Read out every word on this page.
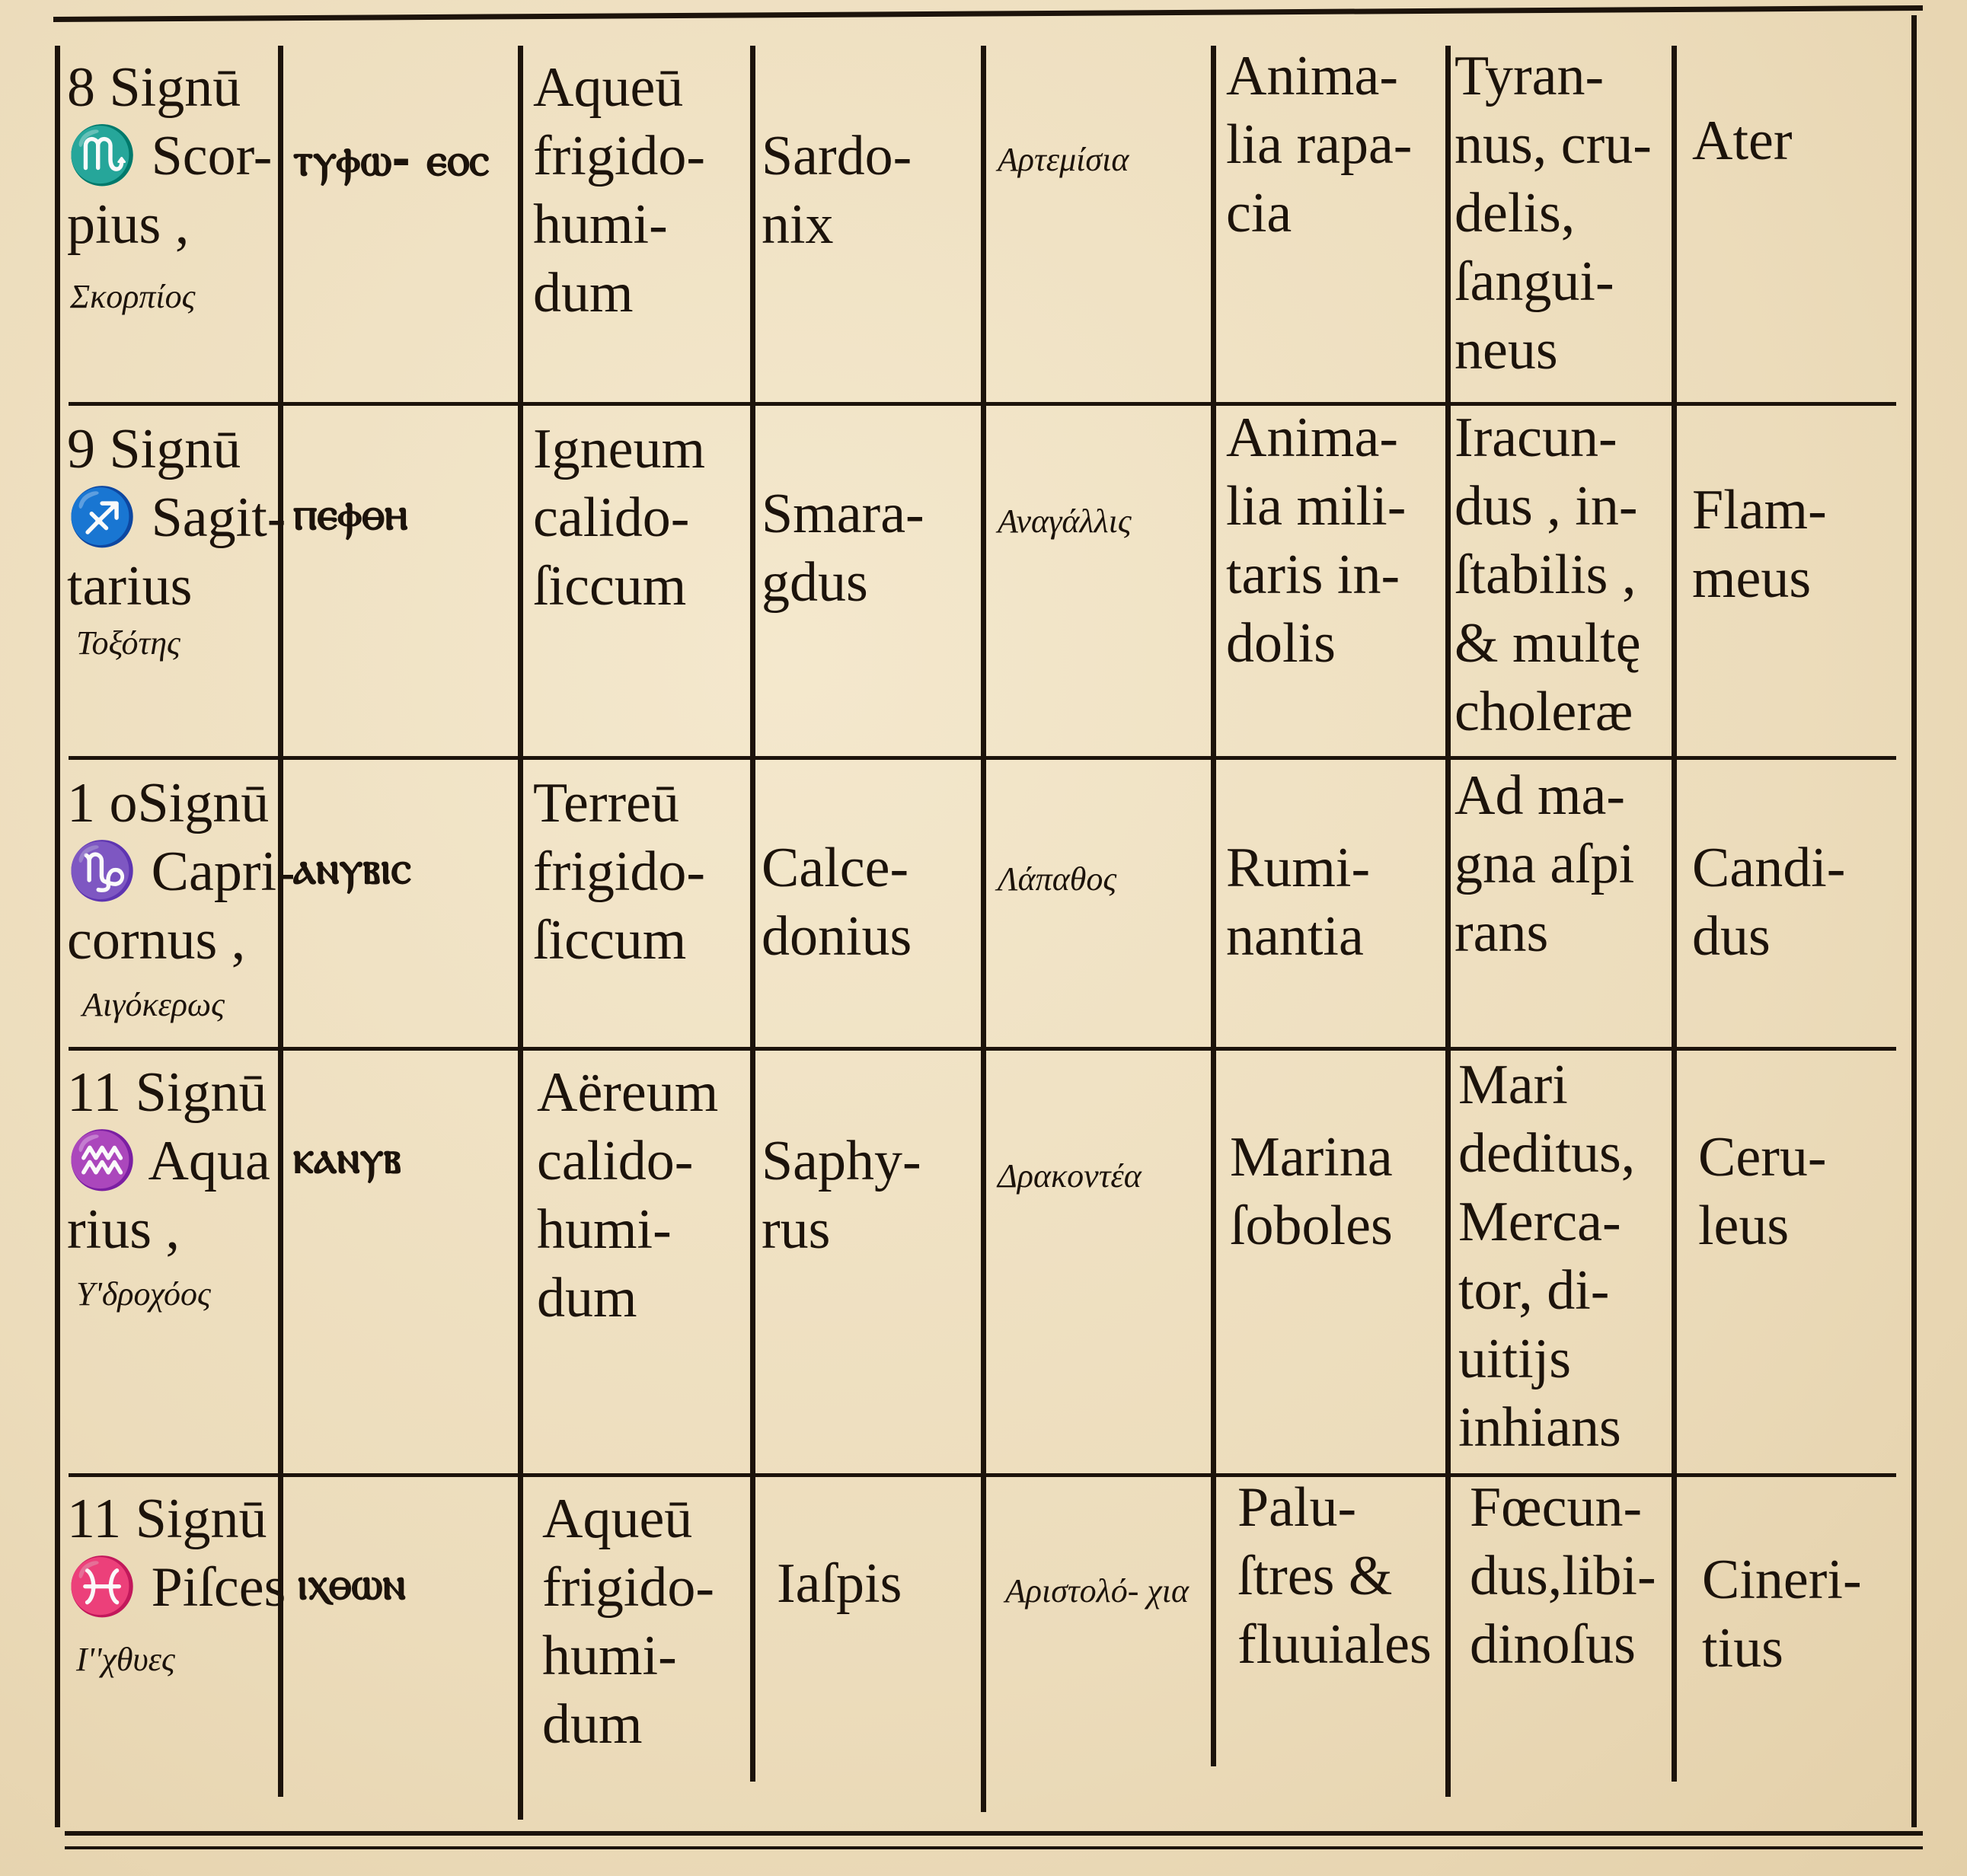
8 Signū
♏ Scor-
pius ,
Σκορπίος
ⲧⲩⲫⲱ- ⲉⲟⲥ
Aqueū
frigido-
humi-
dum
Sardo-
nix
Αρτεμίσια
Anima-
lia rapa-
cia
Tyran-
nus, cru-
delis,
ſangui-
neus
Ater
9 Signū
♐ Sagit-
tarius
Τοξότης
ⲡⲉⲫⲑⲏ
Igneum
calido-
ſiccum
Smara-
gdus
Αναγάλλις
Anima-
lia mili-
taris in-
dolis
Iracun-
dus , in-
ſtabilis ,
& multę
choleræ
Flam-
meus
1 oSignū
♑ Capri-
cornus ,
Αιγόκερως
ⲁⲛⲩⲃⲓⲥ
Terreū
frigido-
ſiccum
Calce-
donius
Λάπαθος Rumi-
nantia
Ad ma-
gna aſpi
rans
Candi-
dus
11 Signū
♒ Aqua
rius ,
Υ'δροχόος
ⲕⲁⲛⲩⲃ
Aëreum
calido-
humi-
dum
Saphy-
rus
Δρακοντέα Marina
ſoboles
Mari
deditus,
Merca-
tor, di-
uitijs
inhians
Ceru-
leus
11 Signū
♓ Piſces
Ι''χθυες
ⲓⲭⲑⲱⲛ
Aqueū
frigido-
humi-
dum
Iaſpis	Αριστολό- χια
Palu-
ſtres &
fluuiales
Fœcun-
dus,libi-
dinoſus
Cineri-
tius
